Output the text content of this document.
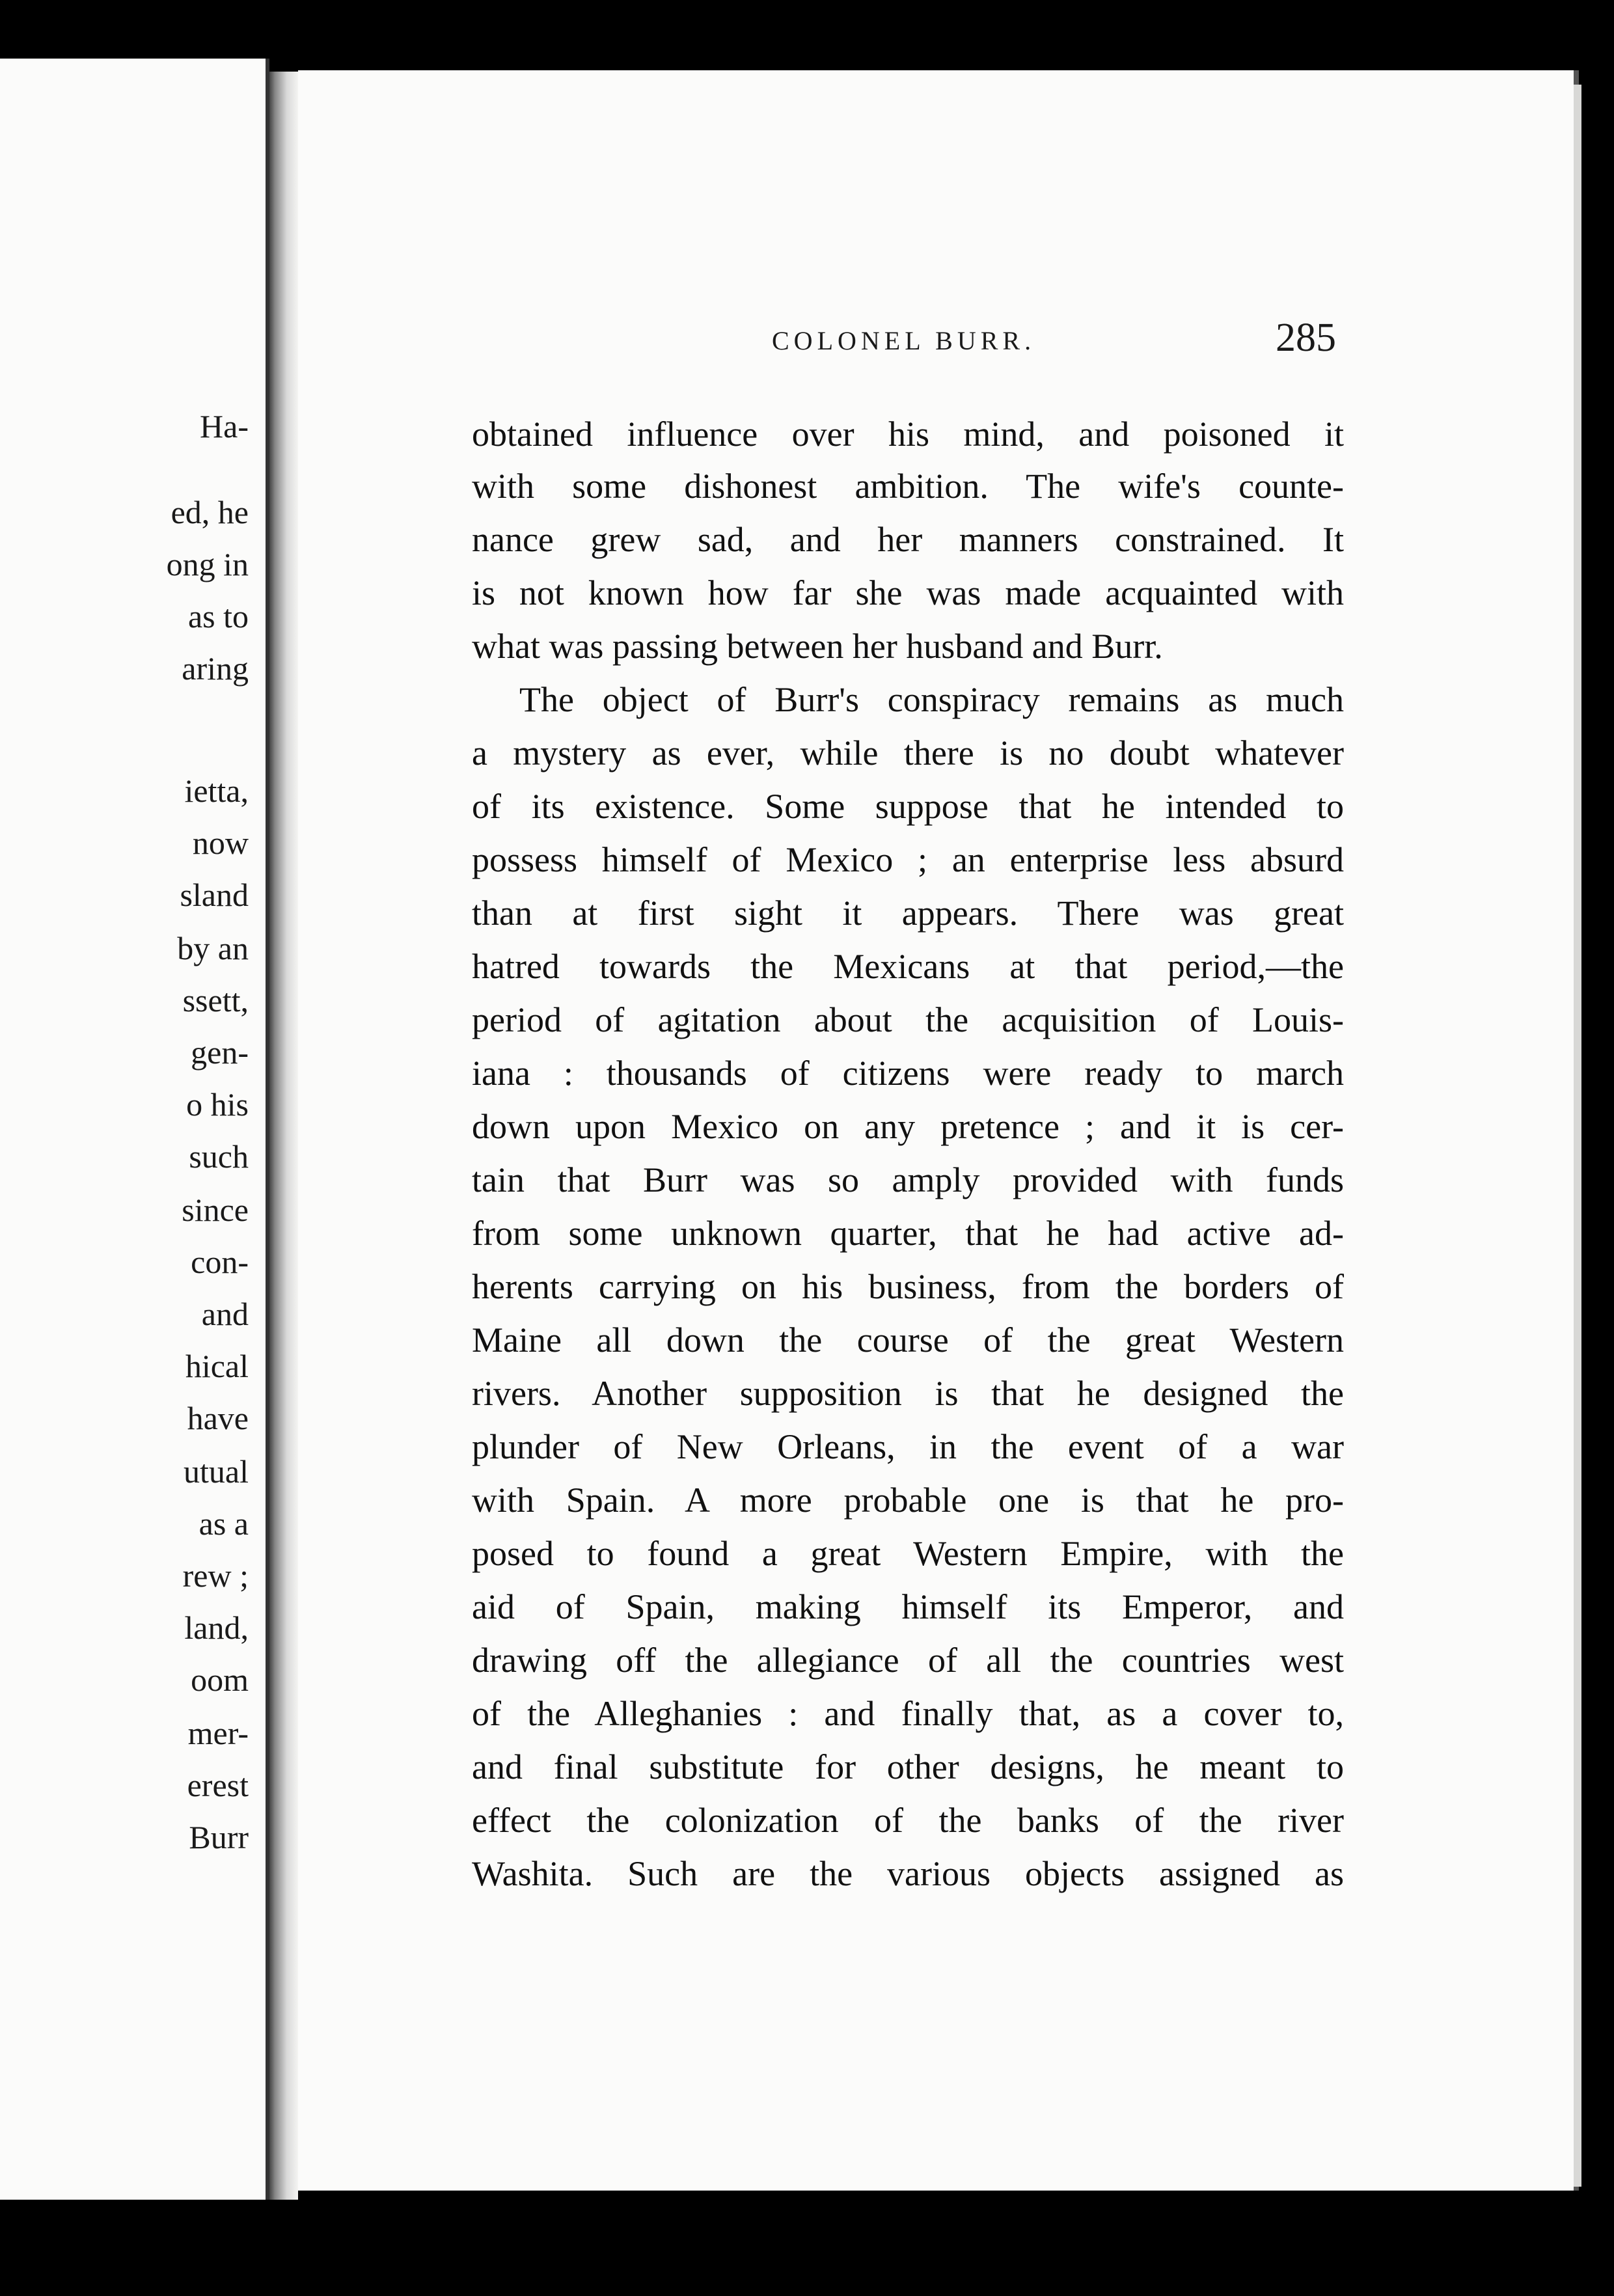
Ha-
ed, he
ong in
as to
aring
ietta,
now
sland
by an
ssett,
gen-
o his
such
since
con-
and
hical
have
utual
as a
rew ;
land,
oom
mer-
erest
Burr
COLONEL BURR.	285
obtained influence over his mind, and poisoned it
with some dishonest ambition. The wife's counte-
nance grew sad, and her manners constrained. It
is not known how far she was made acquainted with
what was passing between her husband and Burr.
The object of Burr's conspiracy remains as much
a mystery as ever, while there is no doubt whatever
of its existence. Some suppose that he intended to
possess himself of Mexico ; an enterprise less absurd
than at first sight it appears. There was great
hatred towards the Mexicans at that period,—the
period of agitation about the acquisition of Louis-
iana : thousands of citizens were ready to march
down upon Mexico on any pretence ; and it is cer-
tain that Burr was so amply provided with funds
from some unknown quarter, that he had active ad-
herents carrying on his business, from the borders of
Maine all down the course of the great Western
rivers. Another supposition is that he designed the
plunder of New Orleans, in the event of a war
with Spain. A more probable one is that he pro-
posed to found a great Western Empire, with the
aid of Spain, making himself its Emperor, and
drawing off the allegiance of all the countries west
of the Alleghanies : and finally that, as a cover to,
and final substitute for other designs, he meant to
effect the colonization of the banks of the river
Washita. Such are the various objects assigned as
